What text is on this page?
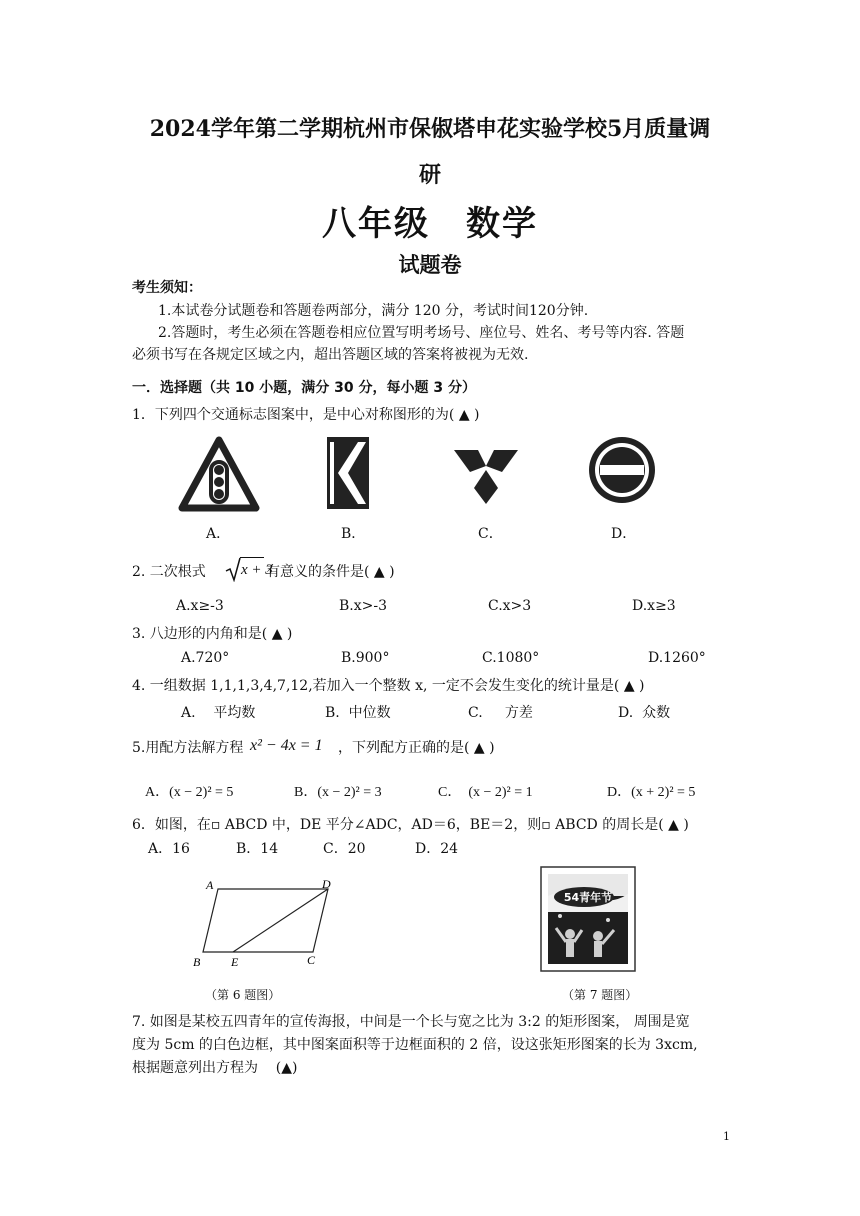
2024学年第二学期杭州市保俶塔申花实验学校5月质量调
研
八年级　数学
试题卷
考生须知：
1.本试卷分试题卷和答题卷两部分，满分 120 分，考试时间120分钟.
2.答题时，考生必须在答题卷相应位置写明考场号、座位号、姓名、考号等内容. 答题
必须书写在各规定区域之内，超出答题区域的答案将被视为无效.
一．选择题（共 10 小题，满分 30 分，每小题 3 分）
1．下列四个交通标志图案中，是中心对称图形的为( ▲ )
A．	B．	C．	D．
2. 二次根式 x + 3
有意义的条件是( ▲ )
A.x≥-3	B.x>-3	C.x>3	D.x≥3
3. 八边形的内角和是( ▲ )
A.720°	B.900°	C.1080°	D.1260°
4. 一组数据 1,1,1,3,4,7,12,若加入一个整数 x, 一定不会发生变化的统计量是( ▲ )
A.    平均数	B.  中位数	C.     方差	D.  众数
5.用配方法解方程 x² − 4x = 1 ，下列配方正确的是( ▲ )
A．(x − 2)² = 5	B．(x − 2)² = 3	C．  (x − 2)² = 1	D．(x + 2)² = 5
6．如图，在▫ ABCD 中，DE 平分∠ADC，AD＝6，BE＝2，则▫ ABCD 的周长是( ▲ )
A．16	B．14	C．20	D．24
A	D
B	E	C
（第 6 题图）
54青年节
（第 7 题图）
7. 如图是某校五四青年的宣传海报，中间是一个长与宽之比为 3:2 的矩形图案， 周围是宽
度为 5cm 的白色边框，其中图案面积等于边框面积的 2 倍，设这张矩形图案的长为 3xcm,
根据题意列出方程为    (▲)
1
